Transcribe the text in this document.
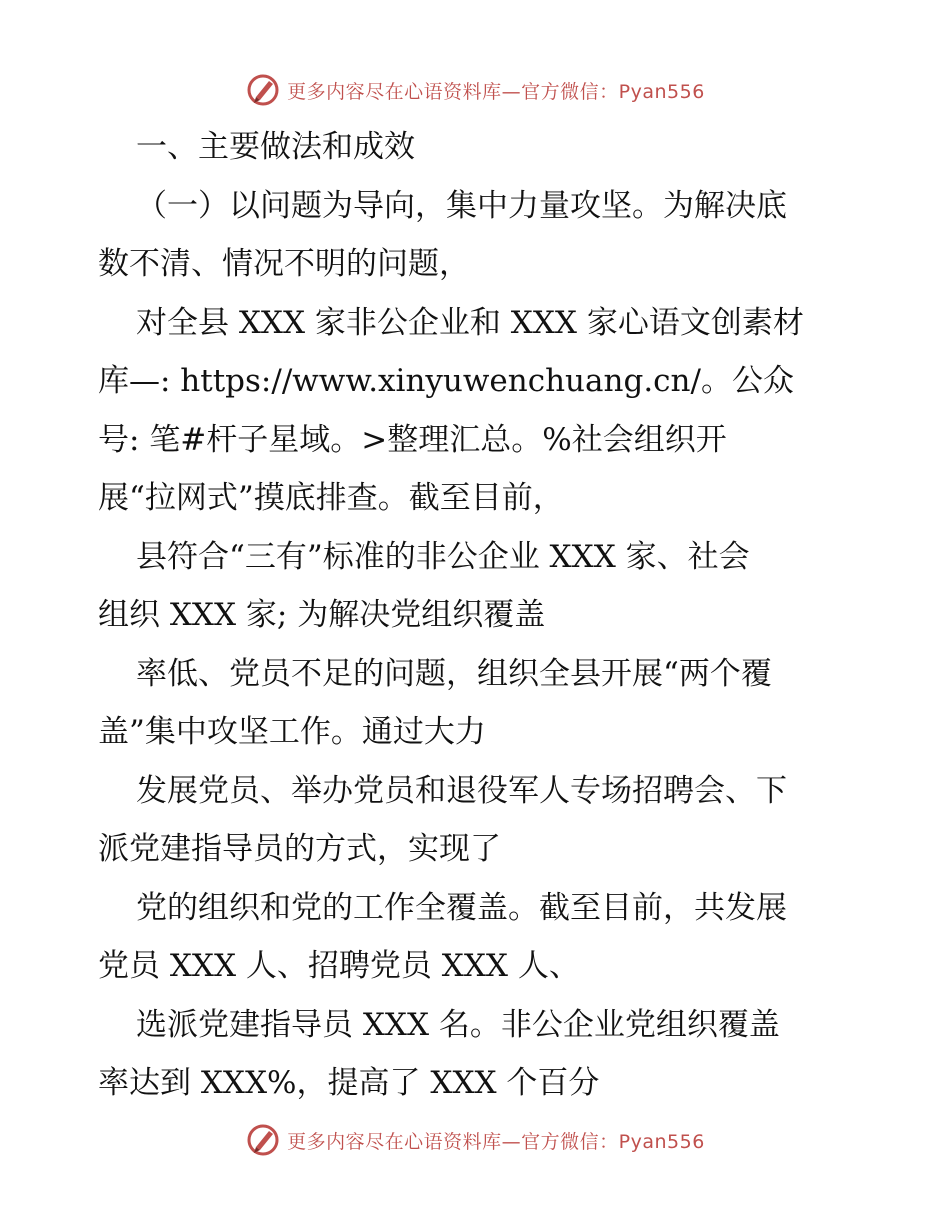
更多内容尽在心语资料库—官方微信：Pyan556

一、主要做法和成效

（一）以问题为导向，集中力量攻坚。为解决底

数不清、情况不明的问题，

对全县 XXX 家非公企业和 XXX 家心语文创素材

库—: https://www.xinyuwenchuang.cn/。公众

号: 笔#杆子星域。>整理汇总。%社会组织开

展“拉网式”摸底排查。截至目前，

县符合“三有”标准的非公企业 XXX 家、社会

组织 XXX 家; 为解决党组织覆盖

率低、党员不足的问题，组织全县开展“两个覆

盖”集中攻坚工作。通过大力

发展党员、举办党员和退役军人专场招聘会、下

派党建指导员的方式，实现了

党的组织和党的工作全覆盖。截至目前，共发展

党员 XXX 人、招聘党员 XXX 人、

选派党建指导员 XXX 名。非公企业党组织覆盖

率达到 XXX%，提高了 XXX 个百分

更多内容尽在心语资料库—官方微信：Pyan556
